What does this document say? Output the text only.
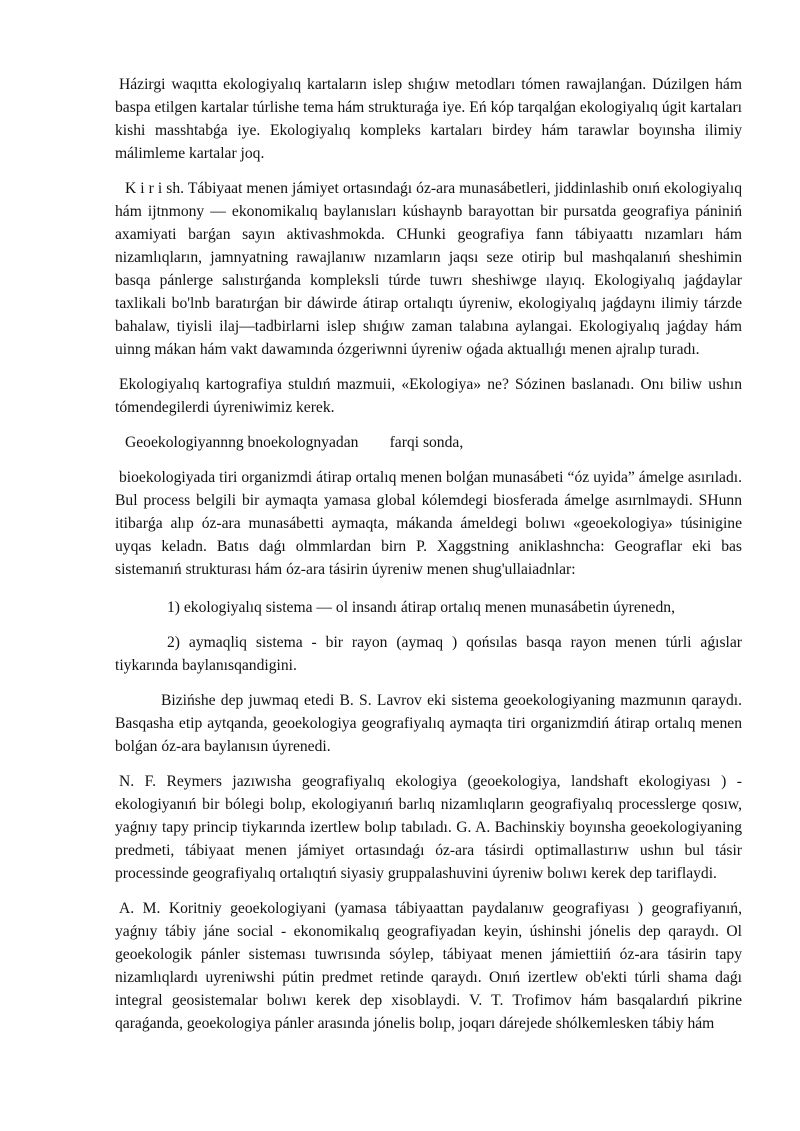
Házirgi waqıtta ekologiyalıq kartaların islep shıǵıw metodları tómen rawajlanǵan. Dúzilgen hám baspa etilgen kartalar túrlishe tema hám strukturaǵa iye. Eń kóp tarqalǵan ekologiyalıq úgit kartaları kishi masshtabǵa iye. Ekologiyalıq kompleks kartaları birdey hám tarawlar boyınsha ilimiy málimleme kartalar joq.

K i r i sh. Tábiyaat menen jámiyet ortasındaǵı óz-ara munasábetleri, jiddinlashib onıń ekologiyalıq hám ijtnmony — ekonomikalıq baylanısları kúshaynb barayottan bir pursatda geografiya pániniń axamiyati barǵan sayın aktivashmokda. CHunki geografiya fann tábiyaattı nızamları hám nizamlıqların, jamnyatning rawajlanıw nızamların jaqsı seze otirip bul mashqalanıń sheshimin basqa pánlerge salıstırǵanda kompleksli túrde tuwrı sheshiwge ılayıq. Ekologiyalıq jaǵdaylar taxlikali bo'lnb baratırǵan bir dáwirde átirap ortalıqtı úyreniw, ekologiyalıq jaǵdaynı ilimiy tárzde bahalaw, tiyisli ilaj—tadbirlarni islep shıǵıw zaman talabına aylangai. Ekologiyalıq jaǵday hám uinng mákan hám vakt dawamında ózgeriwnni úyreniw oǵada aktuallıǵı menen ajralıp turadı.

Ekologiyalıq kartografiya stuldıń mazmuii, «Ekologiya» ne? Sózinen baslanadı. Onı biliw ushın tómendegilerdi úyreniwimiz kerek.

Geoekologiyannng bnoekolognyadan        farqi sonda,

bioekologiyada tiri organizmdi átirap ortalıq menen bolǵan munasábeti “óz uyida” ámelge asırıladı. Bul process belgili bir aymaqta yamasa global kólemdegi biosferada ámelge asırnlmaydi. SHunn itibarǵa alıp óz-ara munasábetti aymaqta, mákanda ámeldegi bolıwı «geoekologiya» túsinigine uyqas keladn. Batıs daǵı olmmlardan birn P. Xaggstning aniklashncha: Geograflar eki bas sistemanıń strukturası hám óz-ara tásirin úyreniw menen shug'ullaiadnlar:

1) ekologiyalıq sistema — ol insandı átirap ortalıq menen munasábetin úyrenedn,

2) aymaqliq sistema - bir rayon (aymaq ) qońsılas basqa rayon menen túrli aǵıslar tiykarında baylanısqandigini.

Bizińshe dep juwmaq etedi B. S. Lavrov eki sistema geoekologiyaning mazmunın qaraydı. Basqasha etip aytqanda, geoekologiya geografiyalıq aymaqta tiri organizmdiń átirap ortalıq menen bolǵan óz-ara baylanısın úyrenedi.

N. F. Reymers jazıwısha geografiyalıq ekologiya (geoekologiya, landshaft ekologiyası ) - ekologiyanıń bir bólegi bolıp, ekologiyanıń barlıq nizamlıqların geografiyalıq processlerge qosıw, yaǵnıy tapy princip tiykarında izertlew bolıp tabıladı. G. A. Bachinskiy boyınsha geoekologiyaning predmeti, tábiyaat menen jámiyet ortasındaǵı óz-ara tásirdi optimallastırıw ushın bul tásir processinde geografiyalıq ortalıqtıń siyasiy gruppalashuvini úyreniw bolıwı kerek dep tariflaydi.

A. M. Koritniy geoekologiyani (yamasa tábiyaattan paydalanıw geografiyası ) geografiyanıń, yaǵnıy tábiy jáne social - ekonomikalıq geografiyadan keyin, úshinshi jónelis dep qaraydı. Ol geoekologik pánler sisteması tuwrısında sóylep, tábiyaat menen jámiettiiń óz-ara tásirin tapy nizamlıqlardı uyreniwshi pútin predmet retinde qaraydı. Onıń izertlew ob'ekti túrli shama daǵı integral geosistemalar bolıwı kerek dep xisoblaydi. V. T. Trofimov hám basqalardıń pikrine qaraǵanda, geoekologiya pánler arasında jónelis bolıp, joqarı dárejede shólkemlesken tábiy hám
